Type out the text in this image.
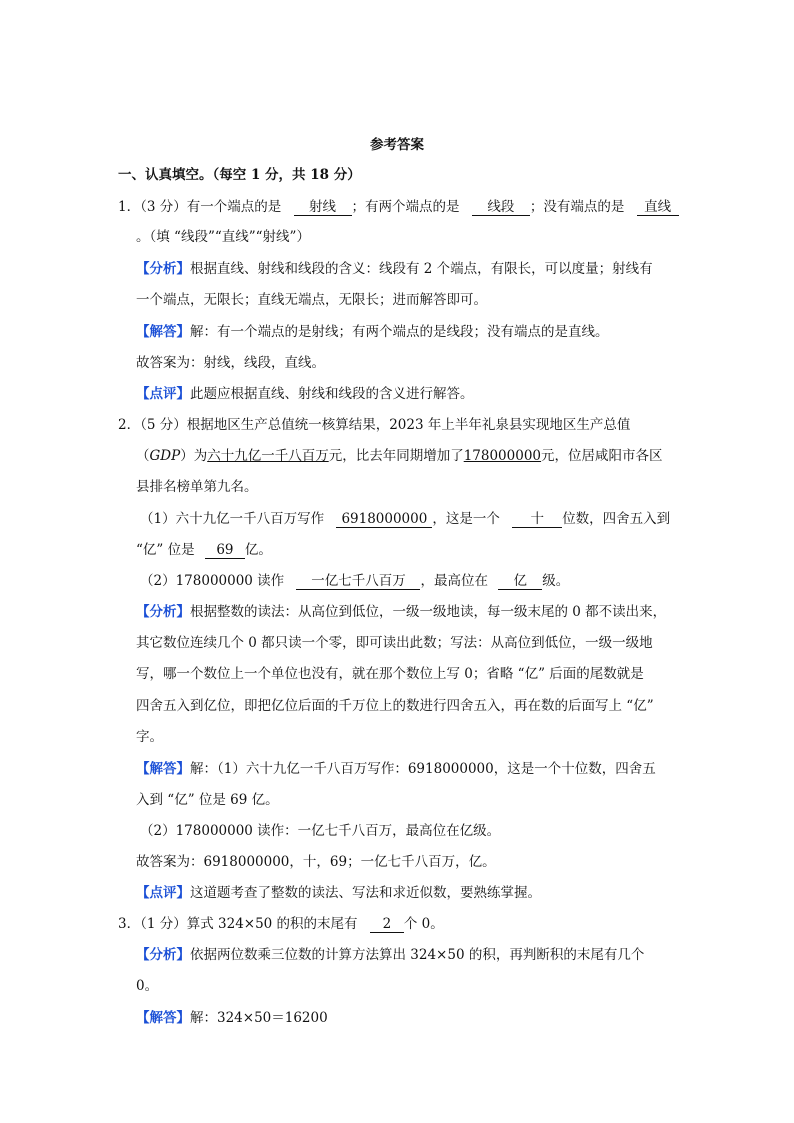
参考答案
一、认真填空。（每空 1 分，共 18 分）
1．（3 分）有一个端点的是 射线 ；有两个端点的是 线段 ；没有端点的是 直线
。（填 “线段”“直线”“射线”）
【分析】根据直线、射线和线段的含义：线段有 2 个端点，有限长，可以度量；射线有
一个端点，无限长；直线无端点，无限长；进而解答即可。
【解答】解：有一个端点的是射线；有两个端点的是线段；没有端点的是直线。
故答案为：射线，线段，直线。
【点评】此题应根据直线、射线和线段的含义进行解答。
2．（5 分）根据地区生产总值统一核算结果，2023 年上半年礼泉县实现地区生产总值
（GDP）为六十九亿一千八百万元，比去年同期增加了178000000元，位居咸阳市各区
县排名榜单第九名。
（1）六十九亿一千八百万写作 6918000000 ，这是一个 十 位数，四舍五入到
“亿” 位是 69 亿。
（2）178000000 读作 一亿七千八百万 ，最高位在 亿 级。
【分析】根据整数的读法：从高位到低位，一级一级地读，每一级末尾的 0 都不读出来，
其它数位连续几个 0 都只读一个零，即可读出此数；写法：从高位到低位，一级一级地
写，哪一个数位上一个单位也没有，就在那个数位上写 0；省略 “亿” 后面的尾数就是
四舍五入到亿位，即把亿位后面的千万位上的数进行四舍五入，再在数的后面写上 “亿”
字。
【解答】解：（1）六十九亿一千八百万写作：6918000000，这是一个十位数，四舍五
入到 “亿” 位是 69 亿。
（2）178000000 读作：一亿七千八百万，最高位在亿级。
故答案为：6918000000，十，69；一亿七千八百万，亿。
【点评】这道题考查了整数的读法、写法和求近似数，要熟练掌握。
3．（1 分）算式 324×50 的积的末尾有 2 个 0。
【分析】依据两位数乘三位数的计算方法算出 324×50 的积，再判断积的末尾有几个
0。
【解答】解：324×50＝16200
